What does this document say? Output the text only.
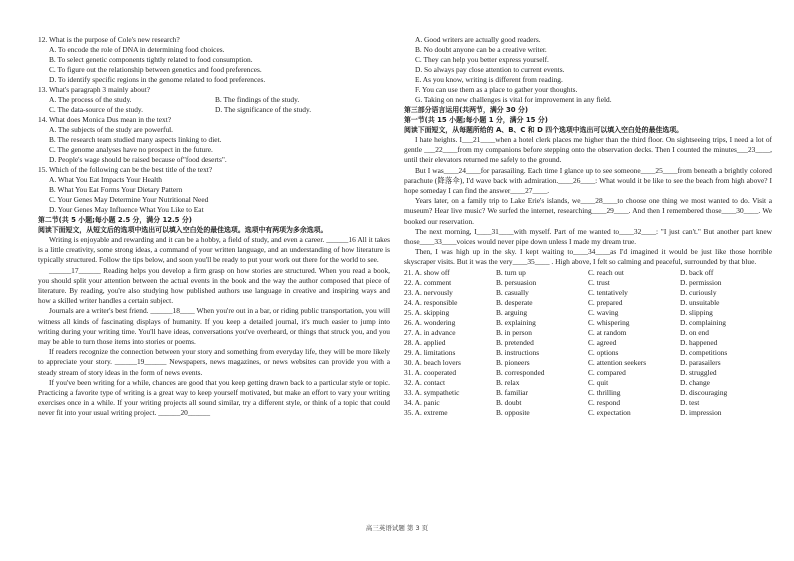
12. What is the purpose of Cole's new research?
A. To encode the role of DNA in determining food choices.
B. To select genetic components tightly related to food consumption.
C. To figure out the relationship between genetics and food preferences.
D. To identify specific regions in the genome related to food preferences.
13. What's paragraph 3 mainly about?
A. The process of the study.	B. The findings of the study.
C. The data-source of the study.	D. The significance of the study.
14. What does Monica Dus mean in the text?
A. The subjects of the study are powerful.
B. The research team studied many aspects linking to diet.
C. The genome analyses have no prospect in the future.
D. People's wage should be raised because of"food deserts".
15. Which of the following can be the best title of the text?
A. What You Eat Impacts Your Health
B. What You Eat Forms Your Dietary Pattern
C. Your Genes May Determine Your Nutritional Need
D. Your Genes May Influence What You Like to Eat
第二节(共 5 小题;每小题 2.5 分，满分 12.5 分)
阅读下面短文，从短文后的选项中选出可以填入空白处的最佳选项。选项中有两项为多余选项。
Writing is enjoyable and rewarding and it can be a hobby, a field of study, and even a career. ______16 All it takes is a little creativity, some strong ideas, a command of your written language, and an understanding of how literature is typically structured. Follow the tips below, and soon you'll be ready to put your work out there for the world to see.
______17______ Reading helps you develop a firm grasp on how stories are structured. When you read a book, you should split your attention between the actual events in the book and the way the author composed that piece of literature. By reading, you're also studying how published authors use language in creative and inspiring ways and how a skilled writer handles a certain subject.
Journals are a writer's best friend. ______18____ When you're out in a bar, or riding public transportation, you will witness all kinds of fascinating displays of humanity. If you keep a detailed journal, it's much easier to jump into writing during your writing time. You'll have ideas, conversations you've overheard, or things that struck you, and you may be able to turn those items into stories or poems.
If readers recognize the connection between your story and something from everyday life, they will be more likely to appreciate your story. ______19______ Newspapers, news magazines, or news websites can provide you with a steady stream of story ideas in the form of news events.
If you've been writing for a while, chances are good that you keep getting drawn back to a particular style or topic. Practicing a favorite type of writing is a great way to keep yourself motivated, but make an effort to vary your writing exercises once in a while. If your writing projects all sound similar, try a different style, or think of a topic that could never fit into your usual writing project. ______20______
A. Good writers are actually good readers.
B. No doubt anyone can be a creative writer.
C. They can help you better express yourself.
D. So always pay close attention to current events.
E. As you know, writing is different from reading.
F. You can use them as a place to gather your thoughts.
G. Taking on new challenges is vital for improvement in any field.
第三部分语言运用(共两节，满分 30 分)
第一节(共 15 小题;每小题 1 分，满分 15 分)
阅读下面短文，从每题所给的 A、B、C 和 D 四个选项中选出可以填入空白处的最佳选项。
I hate heights. I___21____when a hotel clerk places me higher than the third floor. On sightseeing trips, I need a lot of gentle ___22____from my companions before stepping onto the observation decks. Then I counted the minutes___23____, until their elevators returned me safely to the ground.
But I was____24____for parasailing. Each time I glance up to see someone____25____from beneath a brightly colored parachute (降落伞), I'd wave back with admiration.____26____: What would it be like to see the beach from high above? I hope someday I can find the answer____27____.
Years later, on a family trip to Lake Erie's islands, we____28____to choose one thing we most wanted to do. Visit a museum? Hear live music? We surfed the internet, researching____29____. And then I remembered those____30____. We booked our reservation.
The next morning, I____31____with myself. Part of me wanted to____32____: "I just can't." But another part knew those____33____voices would never pipe down unless I made my dream true.
Then, I was high up in the sky. I kept waiting to____34____as I'd imagined it would be just like those horrible skyscraper visits. But it was the very____35____ . High above, I felt so calming and peaceful, surrounded by that blue.
21. A. show off	B. turn up	C. reach out	D. back off
22. A. comment	B. persuasion	C. trust	D. permission
23. A. nervously	B. casually	C. tentatively	D. curiously
24. A. responsible	B. desperate	C. prepared	D. unsuitable
25. A. skipping	B. arguing	C. waving	D. slipping
26. A. wondering	B. explaining	C. whispering	D. complaining
27. A. in advance	B. in person	C. at random	D. on end
28. A. applied	B. pretended	C. agreed	D. happened
29. A. limitations	B. instructions	C. options	D. competitions
30. A. beach lovers	B. pioneers	C. attention seekers	D. parasailers
31. A. cooperated	B. corresponded	C. compared	D. struggled
32. A. contact	B. relax	C. quit	D. change
33. A. sympathetic	B. familiar	C. thrilling	D. discouraging
34. A. panic	B. doubt	C. respond	D. test
35. A. extreme	B. opposite	C. expectation	D. impression
高三英语试题 第 3 页
